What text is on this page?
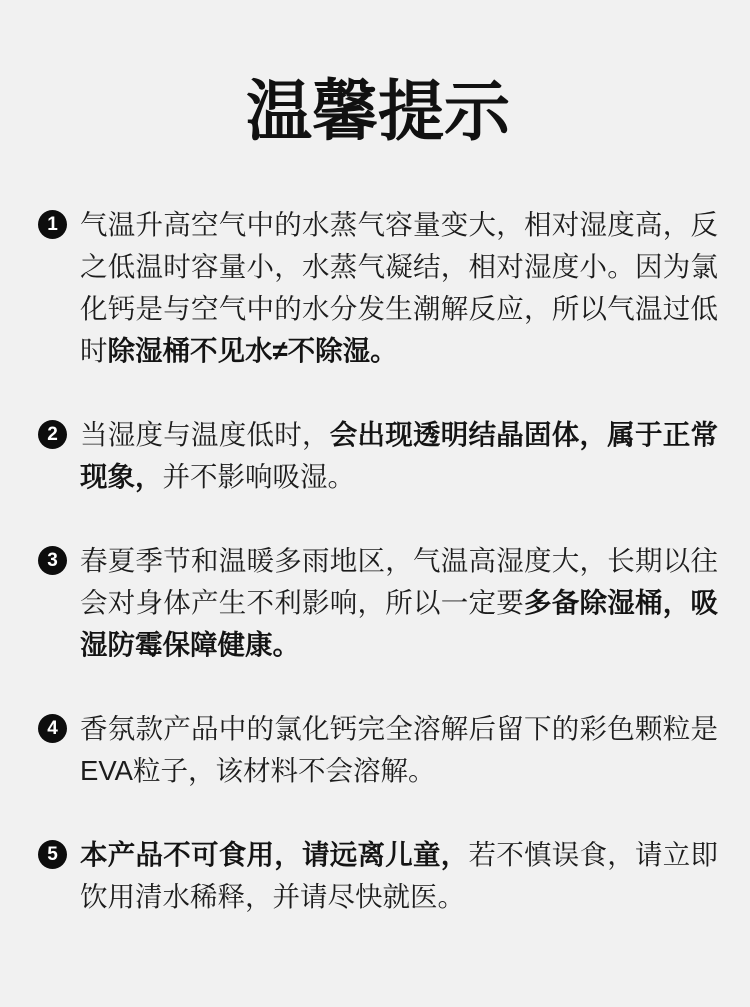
温馨提示
1 气温升高空气中的水蒸气容量变大，相对湿度高，反之低温时容量小，水蒸气凝结，相对湿度小。因为氯化钙是与空气中的水分发生潮解反应，所以气温过低时除湿桶不见水≠不除湿。

2 当湿度与温度低时，会出现透明结晶固体，属于正常现象，并不影响吸湿。

3 春夏季节和温暖多雨地区，气温高湿度大，长期以往会对身体产生不利影响，所以一定要多备除湿桶，吸湿防霉保障健康。

4 香氛款产品中的氯化钙完全溶解后留下的彩色颗粒是EVA粒子，该材料不会溶解。

5 本产品不可食用，请远离儿童，若不慎误食，请立即饮用清水稀释，并请尽快就医。
